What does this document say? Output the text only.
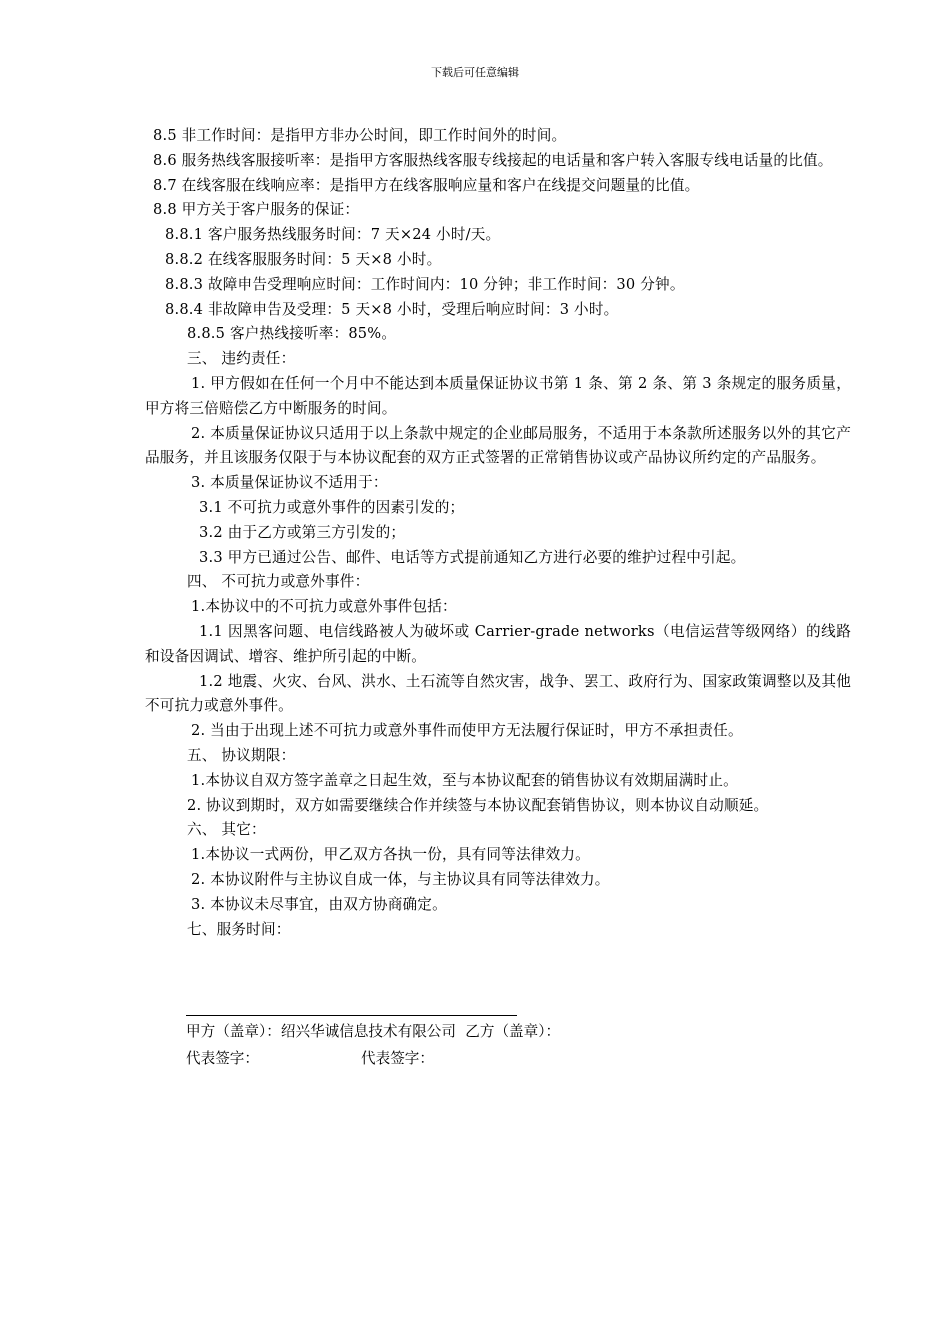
下载后可任意编辑

8.5 非工作时间：是指甲方非办公时间，即工作时间外的时间。

8.6 服务热线客服接听率：是指甲方客服热线客服专线接起的电话量和客户转入客服专线电话量的比值。

8.7 在线客服在线响应率：是指甲方在线客服响应量和客户在线提交问题量的比值。

8.8 甲方关于客户服务的保证：

8.8.1 客户服务热线服务时间：7 天×24 小时/天。

8.8.2 在线客服服务时间：5 天×8 小时。

8.8.3 故障申告受理响应时间：工作时间内：10 分钟；非工作时间：30 分钟。

8.8.4 非故障申告及受理：5 天×8 小时，受理后响应时间：3 小时。

8.8.5 客户热线接听率：85%。

三、 违约责任：

1. 甲方假如在任何一个月中不能达到本质量保证协议书第 1 条、第 2 条、第 3 条规定的服务质量，甲方将三倍赔偿乙方中断服务的时间。

2. 本质量保证协议只适用于以上条款中规定的企业邮局服务，不适用于本条款所述服务以外的其它产品服务，并且该服务仅限于与本协议配套的双方正式签署的正常销售协议或产品协议所约定的产品服务。

3. 本质量保证协议不适用于：

3.1 不可抗力或意外事件的因素引发的；

3.2 由于乙方或第三方引发的；

3.3 甲方已通过公告、邮件、电话等方式提前通知乙方进行必要的维护过程中引起。

四、 不可抗力或意外事件：

1.本协议中的不可抗力或意外事件包括：

1.1 因黑客问题、电信线路被人为破坏或 Carrier-grade networks（电信运营等级网络）的线路和设备因调试、增容、维护所引起的中断。

1.2 地震、火灾、台风、洪水、土石流等自然灾害，战争、罢工、政府行为、国家政策调整以及其他不可抗力或意外事件。

2. 当由于出现上述不可抗力或意外事件而使甲方无法履行保证时，甲方不承担责任。

五、 协议期限：

1.本协议自双方签字盖章之日起生效，至与本协议配套的销售协议有效期届满时止。

2. 协议到期时，双方如需要继续合作并续签与本协议配套销售协议，则本协议自动顺延。

六、 其它：

1.本协议一式两份，甲乙双方各执一份，具有同等法律效力。

2. 本协议附件与主协议自成一体，与主协议具有同等法律效力。

3. 本协议未尽事宜，由双方协商确定。

七、服务时间：

甲方（盖章）：绍兴华诚信息技术有限公司  乙方（盖章）：
代表签字：                      代表签字：
